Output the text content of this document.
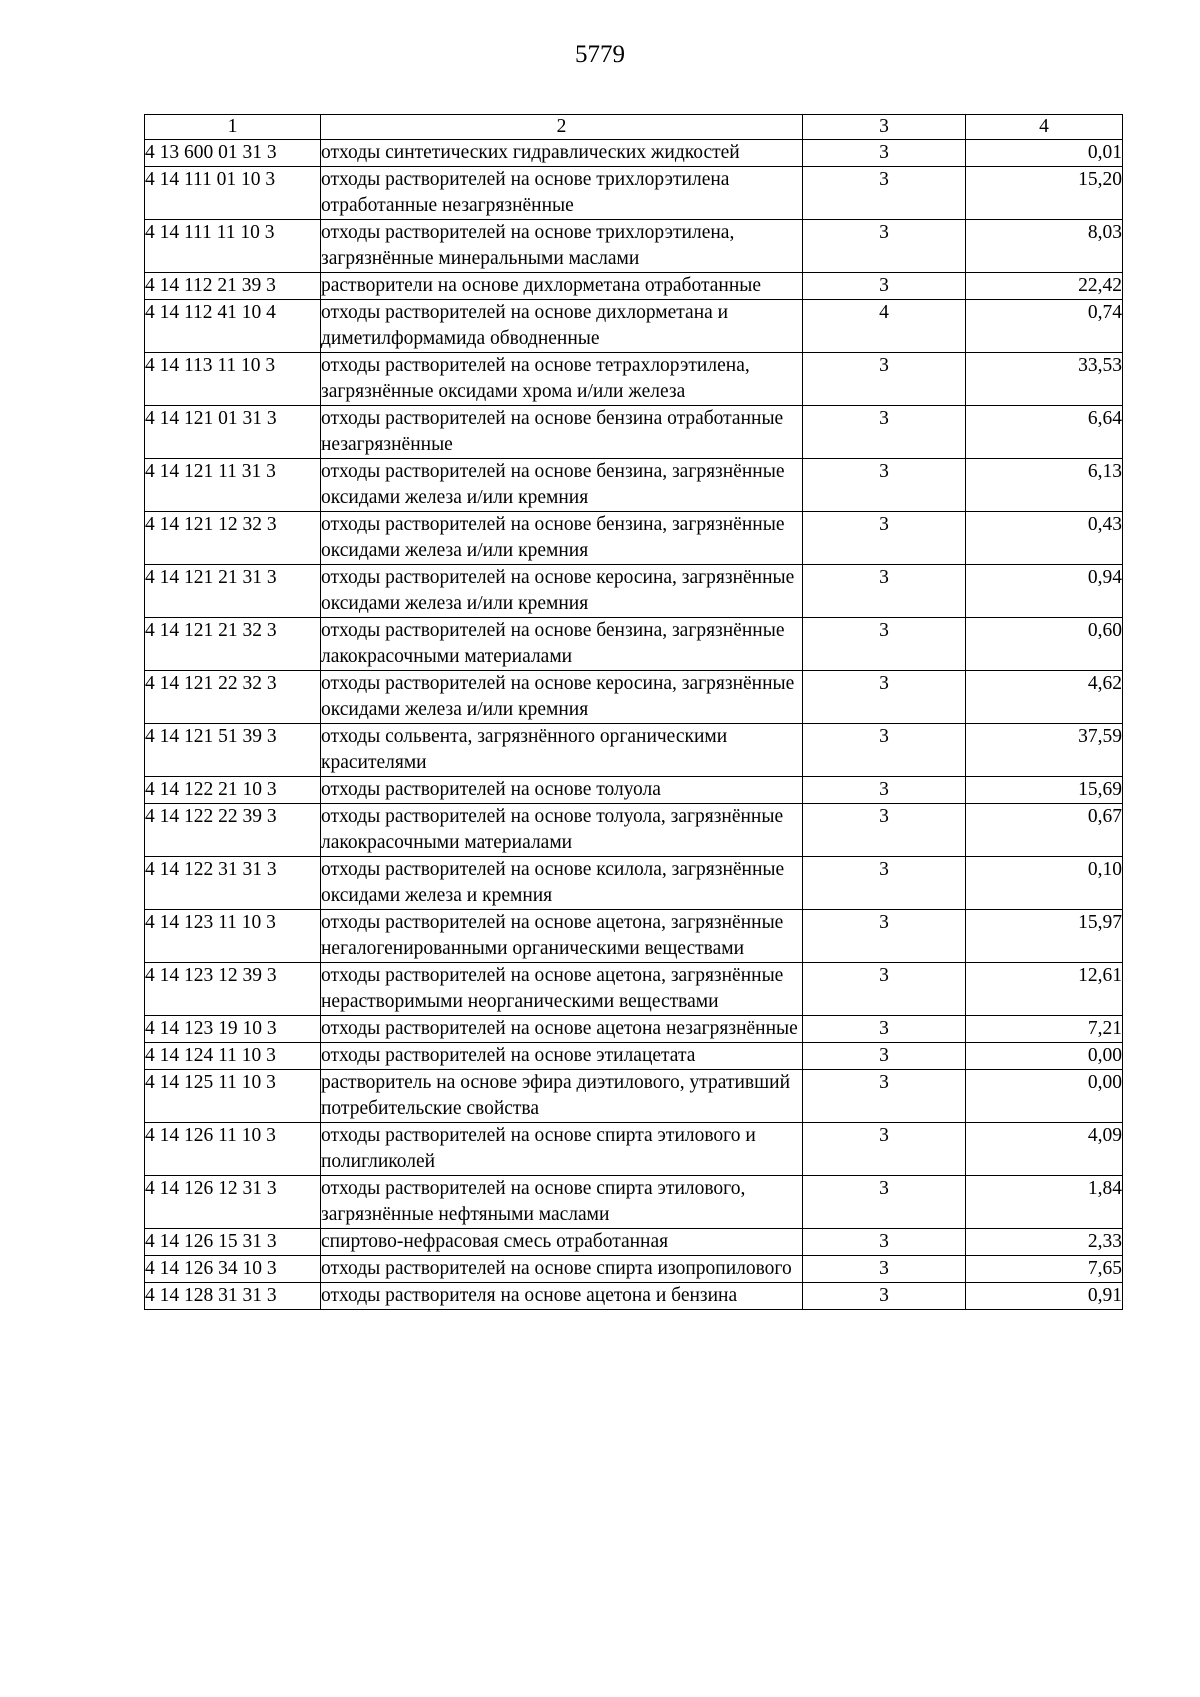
5779
1	2	3	4
4 13 600 01 31 3	отходы синтетических гидравлических жидкостей	3	0,01
4 14 111 01 10 3	отходы растворителей на основе трихлорэтилена отработанные незагрязнённые	3	15,20
4 14 111 11 10 3	отходы растворителей на основе трихлорэтилена, загрязнённые минеральными маслами	3	8,03
4 14 112 21 39 3	растворители на основе дихлорметана отработанные	3	22,42
4 14 112 41 10 4	отходы растворителей на основе дихлорметана и диметилформамида обводненные	4	0,74
4 14 113 11 10 3	отходы растворителей на основе тетрахлорэтилена, загрязнённые оксидами хрома и/или железа	3	33,53
4 14 121 01 31 3	отходы растворителей на основе бензина отработанные незагрязнённые	3	6,64
4 14 121 11 31 3	отходы растворителей на основе бензина, загрязнённые оксидами железа и/или кремния	3	6,13
4 14 121 12 32 3	отходы растворителей на основе бензина, загрязнённые оксидами железа и/или кремния	3	0,43
4 14 121 21 31 3	отходы растворителей на основе керосина, загрязнённые оксидами железа и/или кремния	3	0,94
4 14 121 21 32 3	отходы растворителей на основе бензина, загрязнённые лакокрасочными материалами	3	0,60
4 14 121 22 32 3	отходы растворителей на основе керосина, загрязнённые оксидами железа и/или кремния	3	4,62
4 14 121 51 39 3	отходы сольвента, загрязнённого органическими красителями	3	37,59
4 14 122 21 10 3	отходы растворителей на основе толуола	3	15,69
4 14 122 22 39 3	отходы растворителей на основе толуола, загрязнённые лакокрасочными материалами	3	0,67
4 14 122 31 31 3	отходы растворителей на основе ксилола, загрязнённые оксидами железа и кремния	3	0,10
4 14 123 11 10 3	отходы растворителей на основе ацетона, загрязнённые негалогенированными органическими веществами	3	15,97
4 14 123 12 39 3	отходы растворителей на основе ацетона, загрязнённые нерастворимыми неорганическими веществами	3	12,61
4 14 123 19 10 3	отходы растворителей на основе ацетона незагрязнённые	3	7,21
4 14 124 11 10 3	отходы растворителей на основе этилацетата	3	0,00
4 14 125 11 10 3	растворитель на основе эфира диэтилового, утративший потребительские свойства	3	0,00
4 14 126 11 10 3	отходы растворителей на основе спирта этилового и полигликолей	3	4,09
4 14 126 12 31 3	отходы растворителей на основе спирта этилового, загрязнённые нефтяными маслами	3	1,84
4 14 126 15 31 3	спиртово-нефрасовая смесь отработанная	3	2,33
4 14 126 34 10 3	отходы растворителей на основе спирта изопропилового	3	7,65
4 14 128 31 31 3	отходы растворителя на основе ацетона и бензина	3	0,91
